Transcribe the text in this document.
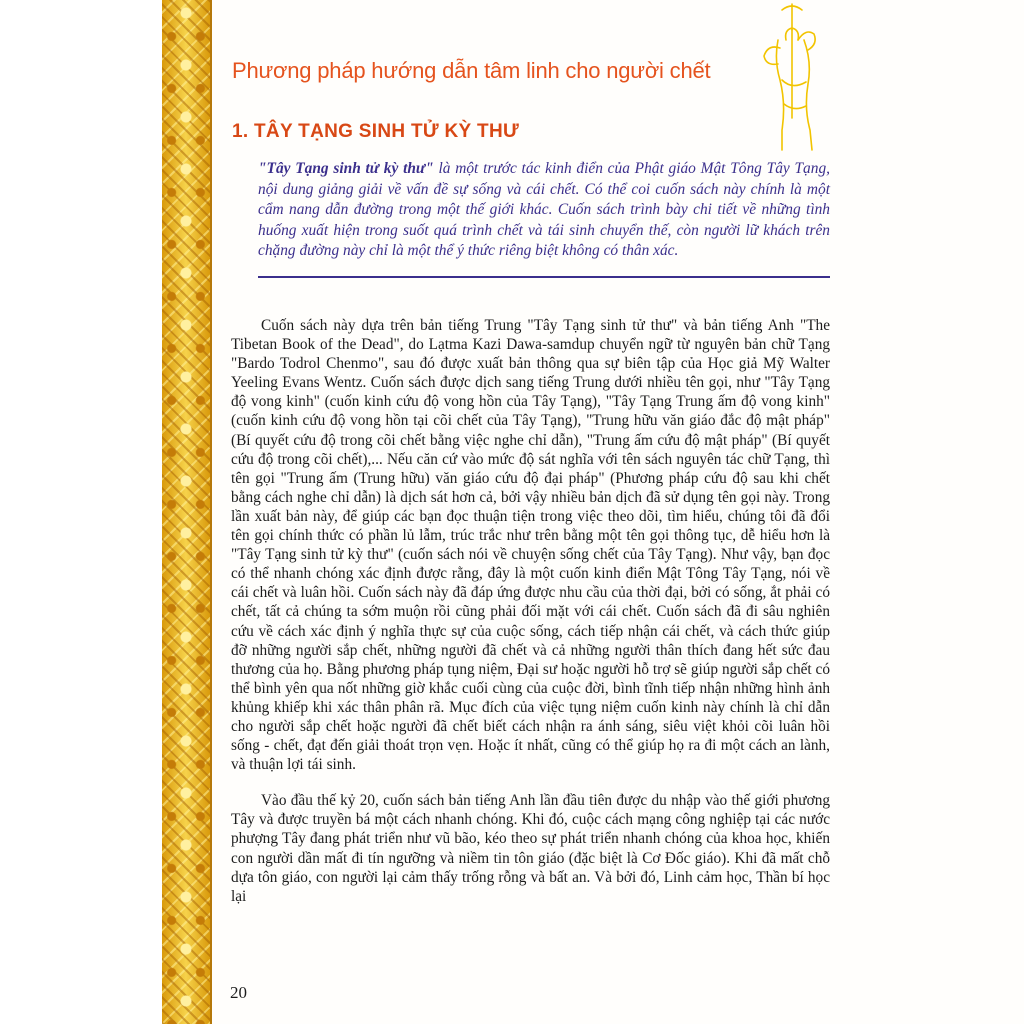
Phương pháp hướng dẫn tâm linh cho người chết
1. TÂY TẠNG SINH TỬ KỲ THƯ

"Tây Tạng sinh tử kỳ thư" là một trước tác kinh điển của Phật giáo Mật Tông Tây Tạng, nội dung giảng giải về vấn đề sự sống và cái chết. Có thể coi cuốn sách này chính là một cẩm nang dẫn đường trong một thế giới khác. Cuốn sách trình bày chi tiết về những tình huống xuất hiện trong suốt quá trình chết và tái sinh chuyển thế, còn người lữ khách trên chặng đường này chỉ là một thể ý thức riêng biệt không có thân xác.

Cuốn sách này dựa trên bản tiếng Trung "Tây Tạng sinh tử thư" và bản tiếng Anh "The Tibetan Book of the Dead", do Lạtma Kazi Dawa-samdup chuyển ngữ từ nguyên bản chữ Tạng "Bardo Todrol Chenmo", sau đó được xuất bản thông qua sự biên tập của Học giả Mỹ Walter Yeeling Evans Wentz. Cuốn sách được dịch sang tiếng Trung dưới nhiều tên gọi, như "Tây Tạng độ vong kinh" (cuốn kinh cứu độ vong hồn của Tây Tạng), "Tây Tạng Trung ấm độ vong kinh" (cuốn kinh cứu độ vong hồn tại cõi chết của Tây Tạng), "Trung hữu văn giáo đắc độ mật pháp" (Bí quyết cứu độ trong cõi chết bằng việc nghe chỉ dẫn), "Trung ấm cứu độ mật pháp" (Bí quyết cứu độ trong cõi chết),... Nếu căn cứ vào mức độ sát nghĩa với tên sách nguyên tác chữ Tạng, thì tên gọi "Trung ấm (Trung hữu) văn giáo cứu độ đại pháp" (Phương pháp cứu độ sau khi chết bằng cách nghe chỉ dẫn) là dịch sát hơn cả, bởi vậy nhiều bản dịch đã sử dụng tên gọi này. Trong lần xuất bản này, để giúp các bạn đọc thuận tiện trong việc theo dõi, tìm hiểu, chúng tôi đã đổi tên gọi chính thức có phần lủ lẫm, trúc trắc như trên bằng một tên gọi thông tục, dễ hiểu hơn là "Tây Tạng sinh tử kỳ thư" (cuốn sách nói về chuyện sống chết của Tây Tạng). Như vậy, bạn đọc có thể nhanh chóng xác định được rằng, đây là một cuốn kinh điển Mật Tông Tây Tạng, nói về cái chết và luân hồi. Cuốn sách này đã đáp ứng được nhu cầu của thời đại, bởi có sống, ắt phải có chết, tất cả chúng ta sớm muộn rồi cũng phải đối mặt với cái chết. Cuốn sách đã đi sâu nghiên cứu về cách xác định ý nghĩa thực sự của cuộc sống, cách tiếp nhận cái chết, và cách thức giúp đỡ những người sắp chết, những người đã chết và cả những người thân thích đang hết sức đau thương của họ. Bằng phương pháp tụng niệm, Đại sư hoặc người hỗ trợ sẽ giúp người sắp chết có thể bình yên qua nốt những giờ khắc cuối cùng của cuộc đời, bình tĩnh tiếp nhận những hình ảnh khủng khiếp khi xác thân phân rã. Mục đích của việc tụng niệm cuốn kinh này chính là chỉ dẫn cho người sắp chết hoặc người đã chết biết cách nhận ra ánh sáng, siêu việt khỏi cõi luân hồi sống - chết, đạt đến giải thoát trọn vẹn. Hoặc ít nhất, cũng có thể giúp họ ra đi một cách an lành, và thuận lợi tái sinh.

Vào đầu thế kỷ 20, cuốn sách bản tiếng Anh lần đầu tiên được du nhập vào thế giới phương Tây và được truyền bá một cách nhanh chóng. Khi đó, cuộc cách mạng công nghiệp tại các nước phượng Tây đang phát triển như vũ bão, kéo theo sự phát triển nhanh chóng của khoa học, khiến con người dần mất đi tín ngưỡng và niềm tin tôn giáo (đặc biệt là Cơ Đốc giáo). Khi đã mất chỗ dựa tôn giáo, con người lại cảm thấy trống rỗng và bất an. Và bởi đó, Linh cảm học, Thần bí học lại

20
